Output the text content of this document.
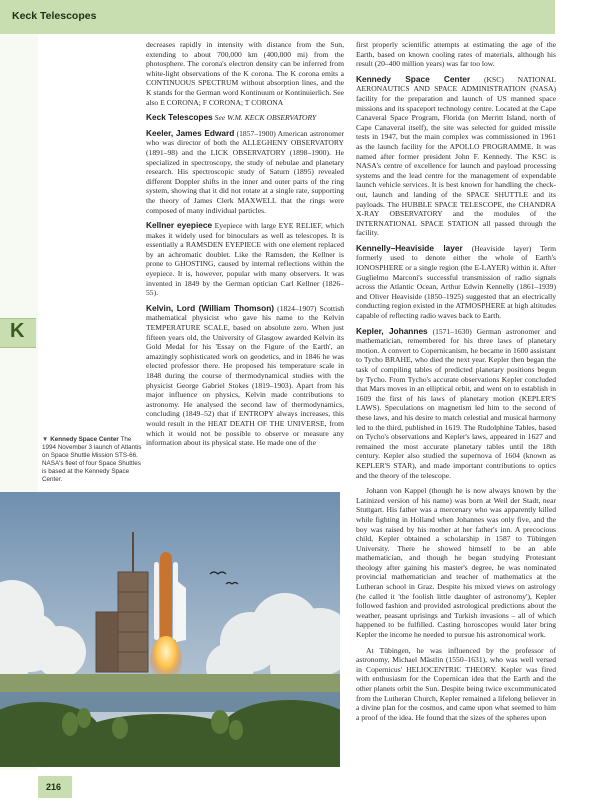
Keck Telescopes
K
▼ Kennedy Space Center The 1994 November 3 launch of Atlantis on Space Shuttle Mission STS-66. NASA's fleet of four Space Shuttles is based at the Kennedy Space Center.

decreases rapidly in intensity with distance from the Sun, extending to about 700,000 km (400,000 mi) from the photosphere. The corona's electron density can be inferred from white-light observations of the K corona. The K corona emits a CONTINUOUS SPECTRUM without absorption lines, and the K stands for the German word Kontinuum or Kontinuierlich. See also E CORONA; F CORONA; T CORONA

Keck Telescopes See W.M. KECK OBSERVATORY

Keeler, James Edward (1857–1900) American astronomer who was director of both the ALLEGHENY OBSERVATORY (1891–98) and the LICK OBSERVATORY (1898–1900). He specialized in spectroscopy, the study of nebulae and planetary research. His spectroscopic study of Saturn (1895) revealed different Doppler shifts in the inner and outer parts of the ring system, showing that it did not rotate at a single rate, supporting the theory of James Clerk MAXWELL that the rings were composed of many individual particles.

Kellner eyepiece Eyepiece with large EYE RELIEF, which makes it widely used for binoculars as well as telescopes. It is essentially a RAMSDEN EYEPIECE with one element replaced by an achromatic doublet. Like the Ramsden, the Kellner is prone to GHOSTING, caused by internal reflections within the eyepiece. It is, however, popular with many observers. It was invented in 1849 by the German optician Carl Kellner (1826–55).

Kelvin, Lord (William Thomson) (1824–1907) Scottish mathematical physicist who gave his name to the Kelvin TEMPERATURE SCALE, based on absolute zero. When just fifteen years old, the University of Glasgow awarded Kelvin its Gold Medal for his 'Essay on the Figure of the Earth', an amazingly sophisticated work on geodetics, and in 1846 he was elected professor there. He proposed his temperature scale in 1848 during the course of thermodynamical studies with the physicist George Gabriel Stokes (1819–1903). Apart from his major influence on physics, Kelvin made contributions to astronomy. He analysed the second law of thermodynamics, concluding (1849–52) that if ENTROPY always increases, this would result in the HEAT DEATH OF THE UNIVERSE, from which it would not be possible to observe or measure any information about its physical state. He made one of the

first properly scientific attempts at estimating the age of the Earth, based on known cooling rates of materials, although his result (20–400 million years) was far too low.

Kennedy Space Center (KSC) NATIONAL AERONAUTICS AND SPACE ADMINISTRATION (NASA) facility for the preparation and launch of US manned space missions and its spaceport technology centre. Located at the Cape Canaveral Space Program, Florida (on Merritt Island, north of Cape Canaveral itself), the site was selected for guided missile tests in 1947, but the main complex was commissioned in 1961 as the launch facility for the APOLLO PROGRAMME. It was named after former president John F. Kennedy. The KSC is NASA's centre of excellence for launch and payload processing systems and the lead centre for the management of expendable launch vehicle services. It is best known for handling the check-out, launch and landing of the SPACE SHUTTLE and its payloads. The HUBBLE SPACE TELESCOPE, the CHANDRA X-RAY OBSERVATORY and the modules of the INTERNATIONAL SPACE STATION all passed through the facility.

Kennelly–Heaviside layer (Heaviside layer) Term formerly used to denote either the whole of Earth's IONOSPHERE or a single region (the E-LAYER) within it. After Guglielmo Marconi's successful transmission of radio signals across the Atlantic Ocean, Arthur Edwin Kennelly (1861–1939) and Oliver Heaviside (1850–1925) suggested that an electrically conducting region existed in the ATMOSPHERE at high altitudes capable of reflecting radio waves back to Earth.

Kepler, Johannes (1571–1630) German astronomer and mathematician, remembered for his three laws of planetary motion. A convert to Copernicanism, he became in 1600 assistant to Tycho BRAHE, who died the next year. Kepler then began the task of compiling tables of predicted planetary positions begun by Tycho. From Tycho's accurate observations Kepler concluded that Mars moves in an elliptical orbit, and went on to establish in 1609 the first of his laws of planetary motion (KEPLER'S LAWS). Speculations on magnetism led him to the second of these laws, and his desire to match celestial and musical harmony led to the third, published in 1619. The Rudolphine Tables, based on Tycho's observations and Kepler's laws, appeared in 1627 and remained the most accurate planetary tables until the 18th century. Kepler also studied the supernova of 1604 (known as KEPLER'S STAR), and made important contributions to optics and the theory of the telescope.

Johann von Kappel (though he is now always known by the Latinized version of his name) was born at Weil der Stadt, near Stuttgart. His father was a mercenary who was apparently killed while fighting in Holland when Johannes was only five, and the boy was raised by his mother at her father's inn. A precocious child, Kepler obtained a scholarship in 1587 to Tübingen University. There he showed himself to be an able mathematician, and though he began studying Protestant theology after gaining his master's degree, he was nominated provincial mathematician and teacher of mathematics at the Lutheran school in Graz. Despite his mixed views on astrology (he called it 'the foolish little daughter of astronomy'), Kepler followed fashion and provided astrological predictions about the weather, peasant uprisings and Turkish invasions – all of which happened to be fulfilled. Casting horoscopes would later bring Kepler the income he needed to pursue his astronomical work.

At Tübingen, he was influenced by the professor of astronomy, Michael Mästlin (1550–1631), who was well versed in Copernicus' HELIOCENTRIC THEORY. Kepler was fired with enthusiasm for the Copernican idea that the Earth and the other planets orbit the Sun. Despite being twice excommunicated from the Lutheran Church, Kepler remained a lifelong believer in a divine plan for the cosmos, and came upon what seemed to him a proof of the idea. He found that the sizes of the spheres upon

216
